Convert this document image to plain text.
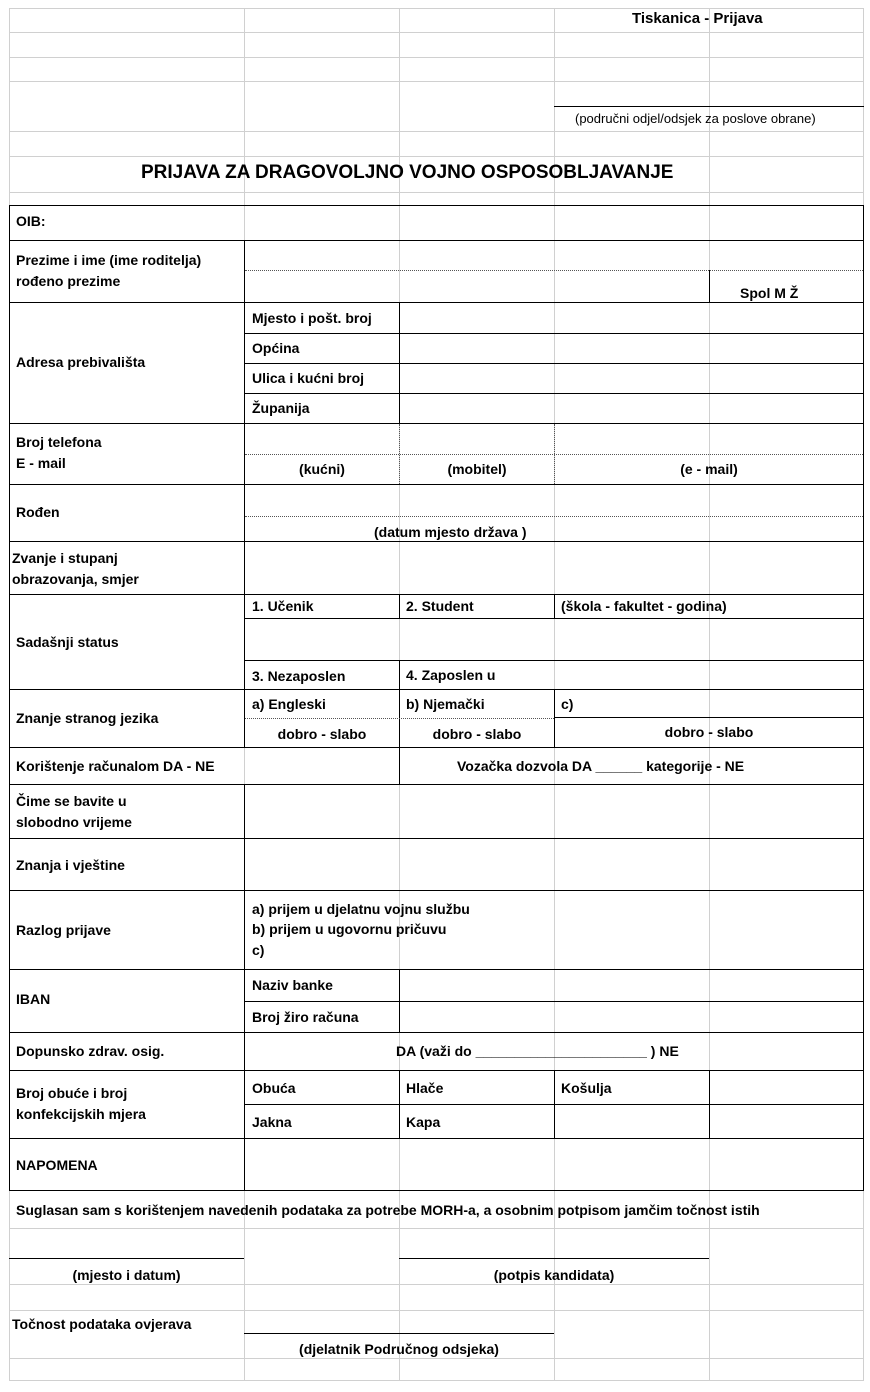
Tiskanica - Prijava
(područni odjel/odsjek za poslove obrane)
PRIJAVA ZA DRAGOVOLJNO VOJNO OSPOSOBLJAVANJE
OIB:
Prezime i ime (ime roditelja)
rođeno prezime
Spol M Ž
Adresa prebivališta
Mjesto i pošt. broj
Općina
Ulica i kućni broj
Županija
Broj telefona
E - mail	(kućni)	(mobitel)	(e - mail)
Rođen
(datum mjesto država )
Zvanje i stupanj
obrazovanja, smjer
Sadašnji status
1. Učenik	2. Student	(škola - fakultet - godina)
3. Nezaposlen	4. Zaposlen u
Znanje stranog jezika
a) Engleski	b) Njemački	c)
dobro - slabo	dobro - slabo	dobro - slabo
Korištenje računalom DA - NE	Vozačka dozvola DA ______ kategorije - NE
Čime se bavite u
slobodno vrijeme
Znanja i vještine
Razlog prijave
a) prijem u djelatnu vojnu službu
b) prijem u ugovornu pričuvu
c)
IBAN
Naziv banke
Broj žiro računa
Dopunsko zdrav. osig.	DA (važi do ______________________ ) NE
Broj obuće i broj
konfekcijskih mjera
Obuća	Hlače	Košulja
Jakna	Kapa
NAPOMENA
Suglasan sam s korištenjem navedenih podataka za potrebe MORH-a, a osobnim potpisom jamčim točnost istih
(mjesto i datum)	(potpis kandidata)
Točnost podataka ovjerava
(djelatnik Područnog odsjeka)
